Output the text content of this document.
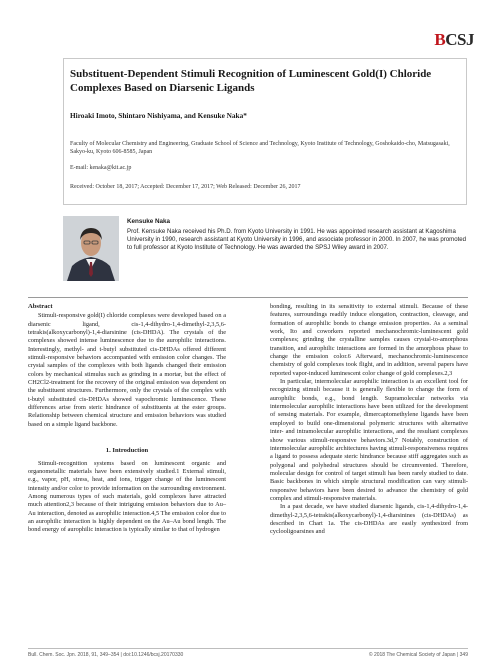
BCSJ
Substituent-Dependent Stimuli Recognition of Luminescent Gold(I) Chloride Complexes Based on Diarsenic Ligands
Hiroaki Imoto, Shintaro Nishiyama, and Kensuke Naka*
Faculty of Molecular Chemistry and Engineering, Graduate School of Science and Technology, Kyoto Institute of Technology, Goshokaido-cho, Matsugasaki, Sakyo-ku, Kyoto 606-8585, Japan
E-mail: kenaka@kit.ac.jp
Received: October 18, 2017; Accepted: December 17, 2017; Web Released: December 26, 2017
Kensuke Naka
Prof. Kensuke Naka received his Ph.D. from Kyoto University in 1991. He was appointed research assistant at Kagoshima University in 1990, research assistant at Kyoto University in 1996, and associate professor in 2000. In 2007, he was promoted to full professor at Kyoto Institute of Technology. He was awarded the SPSJ Wiley award in 2007.
Abstract
Stimuli-responsive gold(I) chloride complexes were developed based on a diarsenic ligand, cis-1,4-dihydro-1,4-dimethyl-2,3,5,6-tetrakis(alkoxycarbonyl)-1,4-diarsinine (cis-DHDA). The crystals of the complexes showed intense luminescence due to the aurophilic interactions. Interestingly, methyl- and t-butyl substituted cis-DHDAs offered different stimuli-responsive behaviors accompanied with emission color changes. The crystal samples of the complexes with both ligands changed their emission colors by mechanical stimulus such as grinding in a mortar, but the effect of CH2Cl2-treatment for the recovery of the original emission was dependent on the substituent structures. Furthermore, only the crystals of the complex with t-butyl substituted cis-DHDAs showed vapochromic luminescence. These differences arise from steric hindrance of substituents at the ester groups. Relationship between chemical structure and emission behaviors was studied based on a simple ligand backbone.
1. Introduction
Stimuli-recognition systems based on luminescent organic and organometallic materials have been extensively studied.1 External stimuli, e.g., vapor, pH, stress, heat, and ions, trigger change of the luminescent intensity and/or color to provide information on the surrounding environment. Among numerous types of such materials, gold complexes have attracted much attention2,3 because of their intriguing emission behaviors due to Au–Au interaction, denoted as aurophilic interaction.4,5 The emission color due to an aurophilic interaction is highly dependent on the Au–Au bond length. The bond energy of aurophilic interaction is typically similar to that of hydrogen
bonding, resulting in its sensitivity to external stimuli. Because of these features, surroundings readily induce elongation, contraction, cleavage, and formation of aurophilic bonds to change emission properties. As a seminal work, Ito and coworkers reported mechanochromic-luminescent gold complexes; grinding the crystalline samples causes crystal-to-amorphous transition, and aurophilic interactions are formed in the amorphous phase to change the emission color.6 Afterward, mechanochromic-luminescence chemistry of gold complexes took flight, and in addition, several papers have reported vapor-induced luminescent color change of gold complexes.2,3
In particular, intermolecular aurophilic interaction is an excellent tool for recognizing stimuli because it is generally flexible to change the form of aurophilic bonds, e.g., bond length. Supramolecular networks via intermolecular aurophilic interactions have been utilized for the development of sensing materials. For example, dimercaptomethylene ligands have been employed to build one-dimensional polymeric structures with alternative inter- and intramolecular aurophilic interactions, and the resultant complexes show various stimuli-responsive behaviors.3d,7 Notably, construction of intermolecular aurophilic architectures having stimuli-responsiveness requires a ligand to possess adequate steric hindrance because stiff aggregates such as polygonal and polyhedral structures should be circumvented. Therefore, molecular design for control of target stimuli has been rarely studied to date. Basic backbones in which simple structural modification can vary stimuli-responsive behaviors have been desired to advance the chemistry of gold complex and stimuli-responsive materials.
In a past decade, we have studied diarsenic ligands, cis-1,4-dihydro-1,4-dimethyl-2,3,5,6-tetrakis(alkoxycarbonyl)-1,4-diarsinines (cis-DHDAs) as described in Chart 1a. The cis-DHDAs are easily synthesized from cyclooligoarsines and
Bull. Chem. Soc. Jpn. 2018, 91, 349–354 | doi:10.1246/bcsj.20170330	© 2018 The Chemical Society of Japan | 349
